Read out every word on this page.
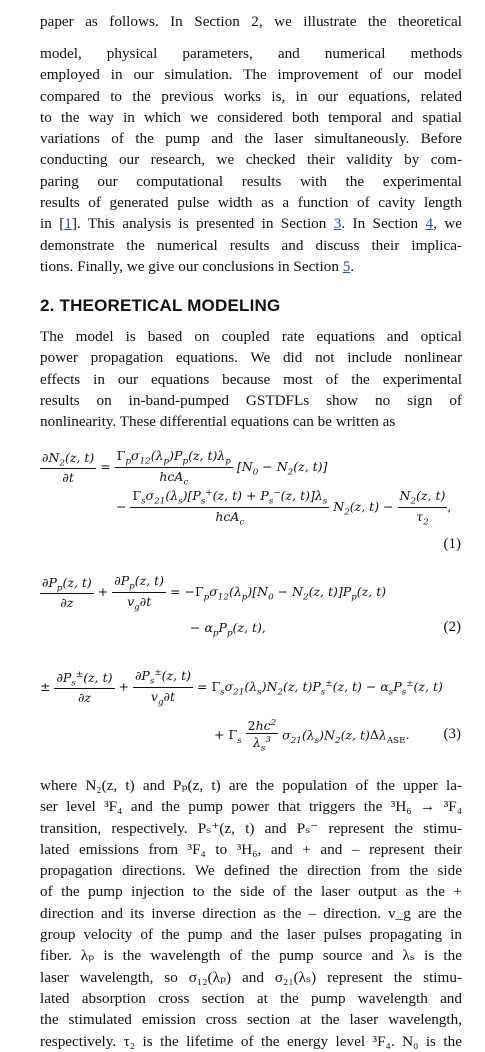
paper as follows. In Section 2, we illustrate the theoretical
model, physical parameters, and numerical methods
employed in our simulation. The improvement of our model
compared to the previous works is, in our equations, related
to the way in which we considered both temporal and spatial
variations of the pump and the laser simultaneously. Before
conducting our research, we checked their validity by com-
paring our computational results with the experimental
results of generated pulse width as a function of cavity length
in [1]. This analysis is presented in Section 3. In Section 4, we
demonstrate the numerical results and discuss their implica-
tions. Finally, we give our conclusions in Section 5.
2. THEORETICAL MODELING
The model is based on coupled rate equations and optical
power propagation equations. We did not include nonlinear
effects in our equations because most of the experimental
results on in-band-pumped GSTDFLs show no sign of
nonlinearity. These differential equations can be written as
$\frac{\partial N_2(z, t)}{\partial t} = \frac{\Gamma_p\sigma_{12}(\lambda_p)P_p(z, t)\lambda_p}{hcA_c} [N_0 - N_2(z$, t)]
− $\frac{\Gamma_s\sigma_{21}(\lambda_s)[P_s^+(z, t) + P_s^-(z, t)]\lambda_s}{hcA_c} N_2(z$, $t) - \frac{N_2(z, t)}{\tau_2}$ ,
(1)
$\frac{\partial P_p(z, t)}{\partial z} + \frac{\partial P_p(z, t)}{v_g\partial t} = -\Gamma_p\sigma_{12}(\lambda_p)[N_0 - N_2(z$, $t)]P_p(z$, t)
− $\alpha_pP_p(z$, t),	(2)
± $\frac{\partial P_s^\pm(z, t)}{\partial z} + \frac{\partial P_s^\pm(z, t)}{v_g\partial t} = \Gamma_s\sigma_{21}(\lambda_s)N_2(z$, $t)P_s^\pm(z$, $t) - \alpha_sP_s^\pm(z$, t)
+ $\Gamma_s \frac{2hc^2}{\lambda_s^3} \sigma_{21}(\lambda_s)N_2(z$, $t)\Delta\lambda_{ASE}$. (3)
where N₂(z, t) and Pₚ(z, t) are the population of the upper la-
ser level ³F₄ and the pump power that triggers the ³H₆ → ³F₄
transition, respectively. Pₛ⁺(z, t) and Pₛ⁻ represent the stimu-
lated emissions from ³F₄ to ³H₆, and + and – represent their
propagation directions. We defined the direction from the side
of the pump injection to the side of the laser output as the +
direction and its inverse direction as the – direction. v_g are the
group velocity of the pump and the laser pulses propagating in
fiber. λₚ is the wavelength of the pump source and λₛ is the
laser wavelength, so σ₁₂(λₚ) and σ₂₁(λₛ) represent the stimu-
lated absorption cross section at the pump wavelength and
the stimulated emission cross section at the laser wavelength,
respectively. τ₂ is the lifetime of the energy level ³F₄. N₀ is the
